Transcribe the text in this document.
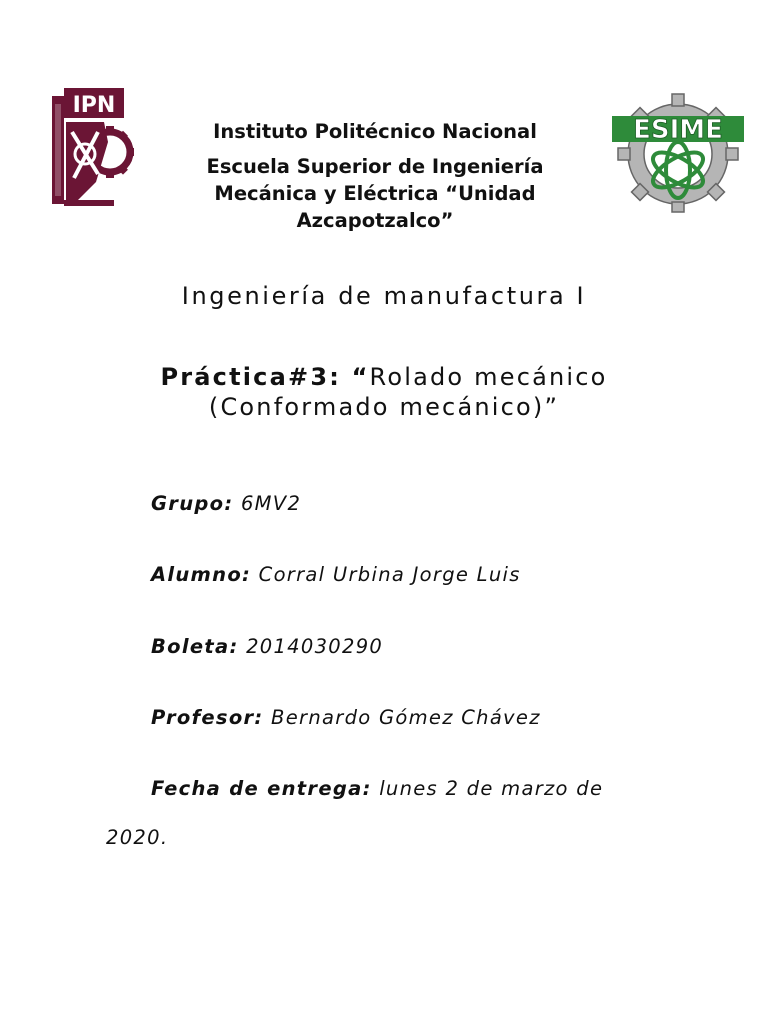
IPN
ESIME
Instituto Politécnico Nacional
Escuela Superior de Ingeniería Mecánica y Eléctrica “Unidad Azcapotzalco”
Ingeniería de manufactura I
Práctica#3: “Rolado mecánico (Conformado mecánico)”
Grupo: 6MV2
Alumno: Corral Urbina Jorge Luis
Boleta: 2014030290
Profesor: Bernardo Gómez Chávez
Fecha de entrega: lunes 2 de marzo de
2020.
